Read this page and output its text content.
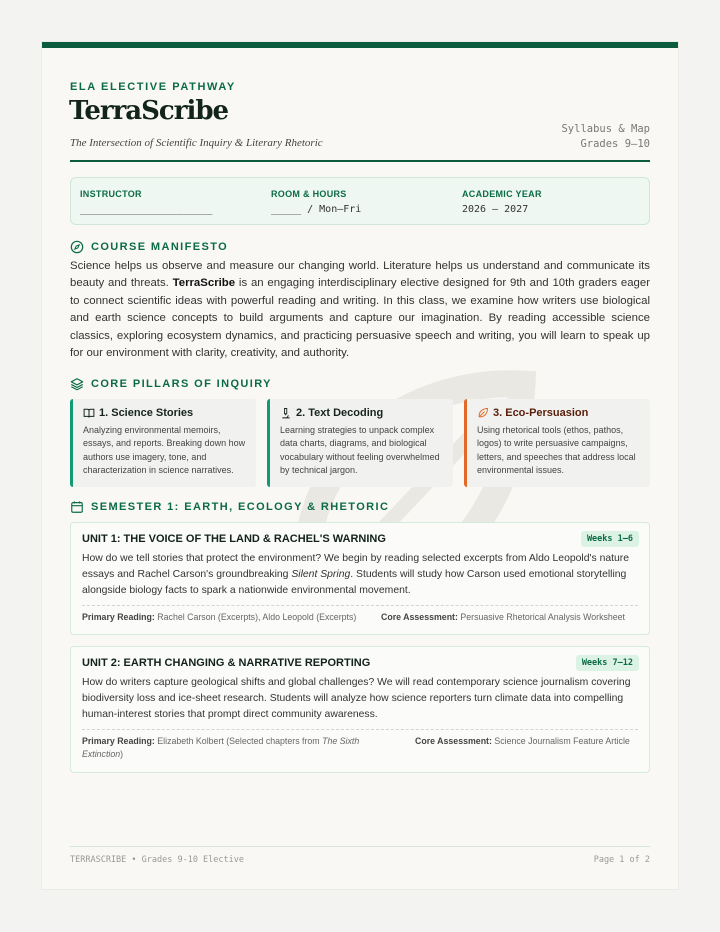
ELA ELECTIVE PATHWAY
TerraScribe
The Intersection of Scientific Inquiry & Literary Rhetoric
Syllabus & Map
Grades 9–10
INSTRUCTOR
______________________
ROOM & HOURS
_____ / Mon–Fri
ACADEMIC YEAR
2026 – 2027
COURSE MANIFESTO

Science helps us observe and measure our changing world. Literature helps us understand and communicate its beauty and threats. TerraScribe is an engaging interdisciplinary elective designed for 9th and 10th graders eager to connect scientific ideas with powerful reading and writing. In this class, we examine how writers use biological and earth science concepts to build arguments and capture our imagination. By reading accessible science classics, exploring ecosystem dynamics, and practicing persuasive speech and writing, you will learn to speak up for our environment with clarity, creativity, and authority.

CORE PILLARS OF INQUIRY
1. Science Stories
Analyzing environmental memoirs, essays, and reports. Breaking down how authors use imagery, tone, and characterization in science narratives.
2. Text Decoding
Learning strategies to unpack complex data charts, diagrams, and biological vocabulary without feeling overwhelmed by technical jargon.
3. Eco-Persuasion
Using rhetorical tools (ethos, pathos, logos) to write persuasive campaigns, letters, and speeches that address local environmental issues.
SEMESTER 1: EARTH, ECOLOGY & RHETORIC
UNIT 1: THE VOICE OF THE LAND & RACHEL'S WARNING	Weeks 1–6
How do we tell stories that protect the environment? We begin by reading selected excerpts from Aldo Leopold's nature essays and Rachel Carson's groundbreaking Silent Spring. Students will study how Carson used emotional storytelling alongside biology facts to spark a nationwide environmental movement.
Primary Reading: Rachel Carson (Excerpts), Aldo Leopold (Excerpts)	Core Assessment: Persuasive Rhetorical Analysis Worksheet
UNIT 2: EARTH CHANGING & NARRATIVE REPORTING	Weeks 7–12
How do writers capture geological shifts and global challenges? We will read contemporary science journalism covering biodiversity loss and ice-sheet research. Students will analyze how science reporters turn climate data into compelling human-interest stories that prompt direct community awareness.
Primary Reading: Elizabeth Kolbert (Selected chapters from The Sixth Extinction)
Core Assessment: Science Journalism Feature Article
TERRASCRIBE • Grades 9-10 Elective	Page 1 of 2
